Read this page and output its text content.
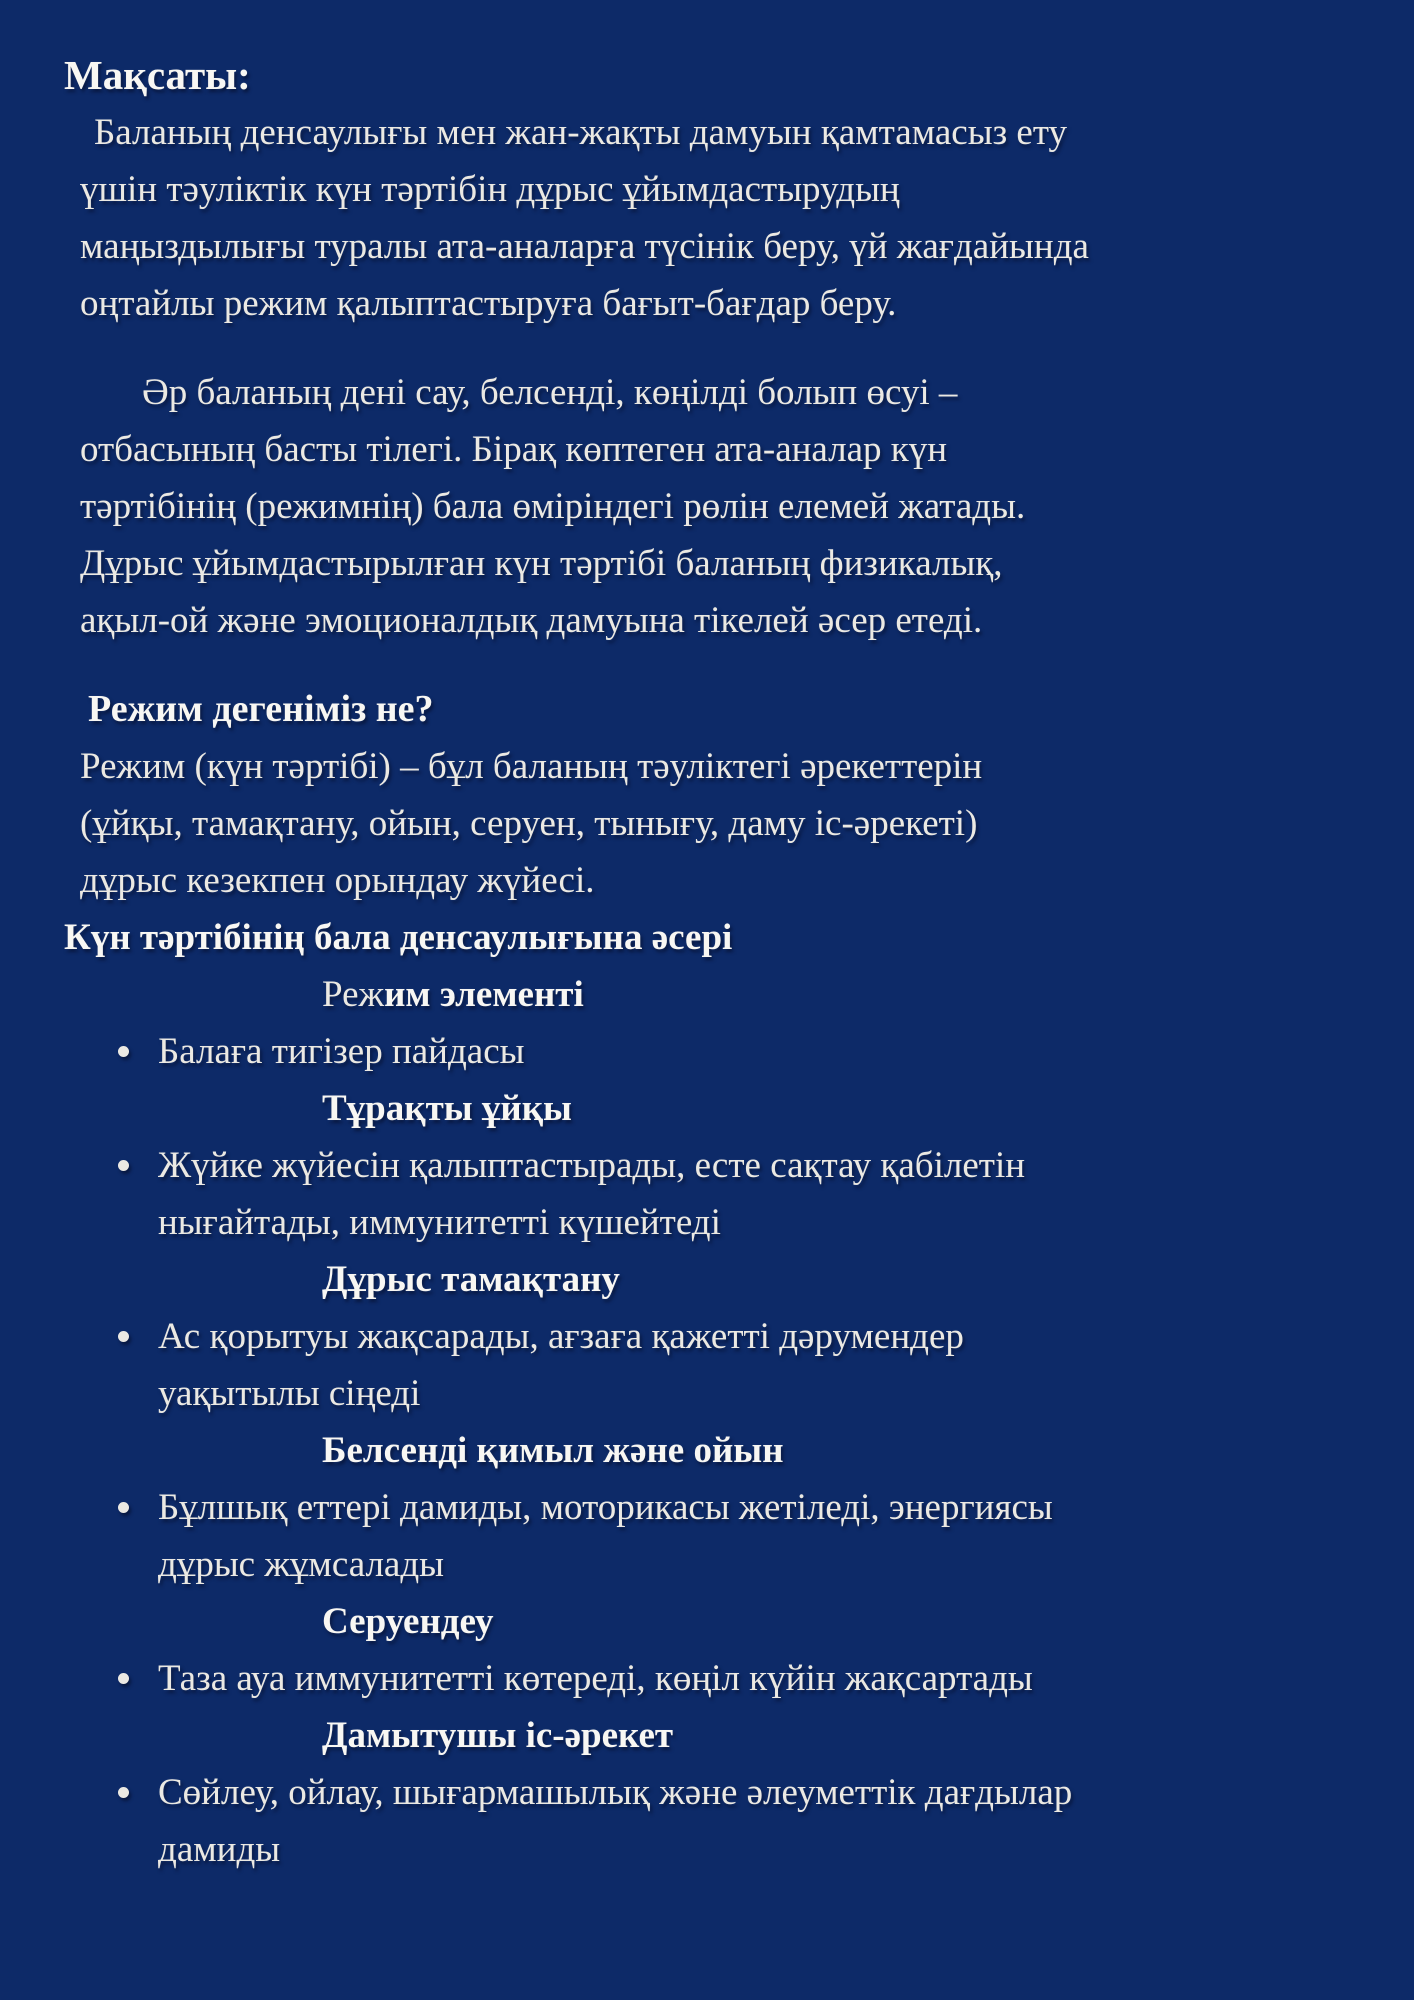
Мақсаты:
Баланың денсаулығы мен жан-жақты дамуын қамтамасыз ету
үшін тәуліктік күн тәртібін дұрыс ұйымдастырудың
маңыздылығы туралы ата-аналарға түсінік беру, үй жағдайында
оңтайлы режим қалыптастыруға бағыт-бағдар беру.
Әр баланың дені сау, белсенді, көңілді болып өсуі –
отбасының басты тілегі. Бірақ көптеген ата-аналар күн
тәртібінің (режимнің) бала өміріндегі рөлін елемей жатады.
Дұрыс ұйымдастырылған күн тәртібі баланың физикалық,
ақыл-ой және эмоционалдық дамуына тікелей әсер етеді.
Режим дегеніміз не?
Режим (күн тәртібі) – бұл баланың тәуліктегі әрекеттерін
(ұйқы, тамақтану, ойын, серуен, тынығу, даму іс-әрекеті)
дұрыс кезекпен орындау жүйесі.
Күн тәртібінің бала денсаулығына әсері
Режим элементі
Балаға тигізер пайдасы
Тұрақты ұйқы
Жүйке жүйесін қалыптастырады, есте сақтау қабілетін
нығайтады, иммунитетті күшейтеді
Дұрыс тамақтану
Ас қорытуы жақсарады, ағзаға қажетті дәрумендер
уақытылы сіңеді
Белсенді қимыл және ойын
Бұлшық еттері дамиды, моторикасы жетіледі, энергиясы
дұрыс жұмсалады
Серуендеу
Таза ауа иммунитетті көтереді, көңіл күйін жақсартады
Дамытушы іс-әрекет
Сөйлеу, ойлау, шығармашылық және әлеуметтік дағдылар
дамиды
